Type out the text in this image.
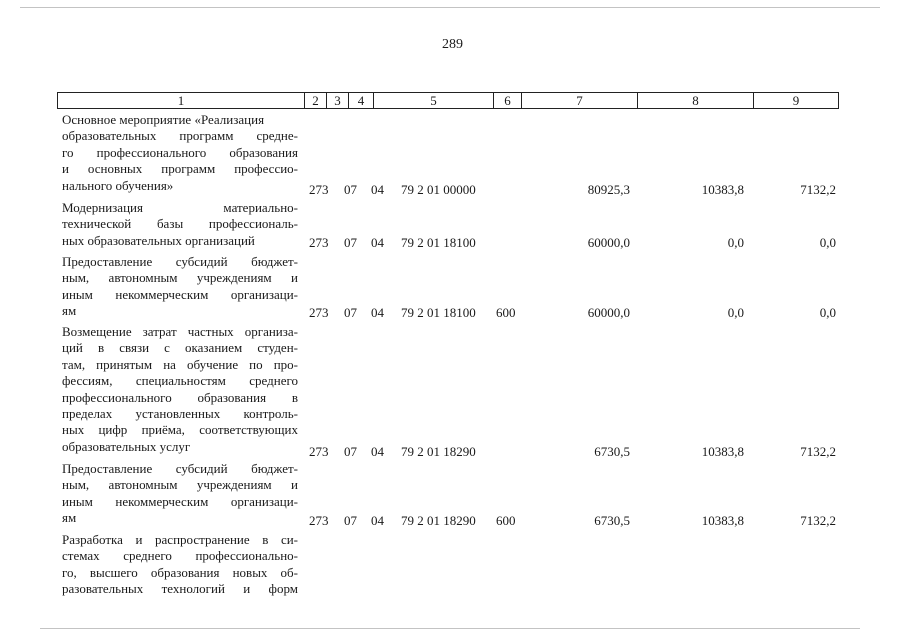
289
1	2	3	4	5	6	7	8	9
Основное мероприятие «Реализация
образовательных программ средне-
го профессионального образования
и основных программ профессио-
нального обучения»	273 07 04 79 2 01 00000	80925,3	10383,8	7132,2
Модернизация материально-
технической базы профессиональ-
ных образовательных организаций	273 07 04 79 2 01 18100	60000,0	0,0	0,0
Предоставление субсидий бюджет-
ным, автономным учреждениям и
иным некоммерческим организаци-
ям	273 07 04 79 2 01 18100 600	60000,0	0,0	0,0
Возмещение затрат частных организа-
ций в связи с оказанием студен-
там, принятым на обучение по про-
фессиям, специальностям среднего
профессионального образования в
пределах установленных контроль-
ных цифр приёма, соответствующих
образовательных услуг	273 07 04 79 2 01 18290	6730,5	10383,8	7132,2
Предоставление субсидий бюджет-
ным, автономным учреждениям и
иным некоммерческим организаци-
ям	273 07 04 79 2 01 18290 600	6730,5	10383,8	7132,2
Разработка и распространение в си-
стемах среднего профессионально-
го, высшего образования новых об-
разовательных технологий и форм
